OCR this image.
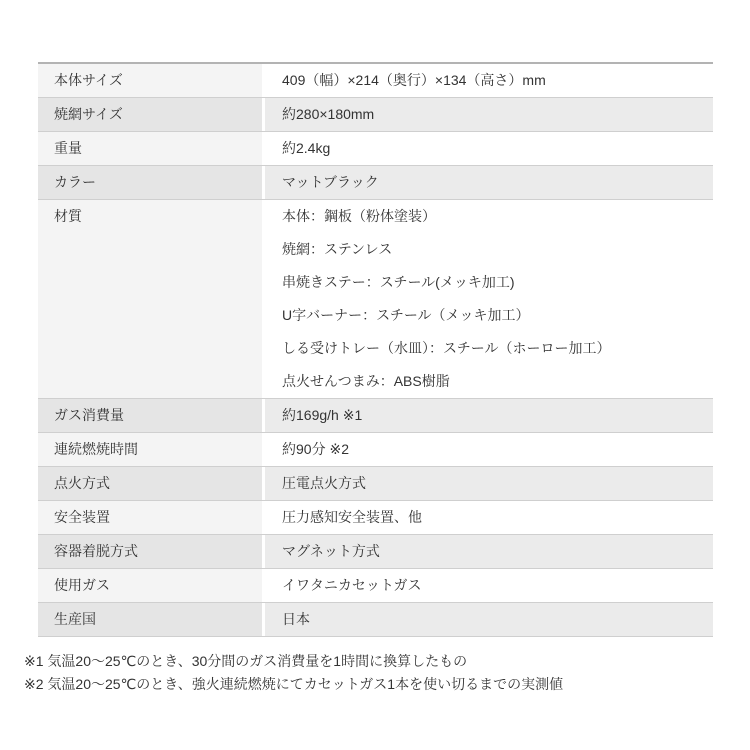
本体サイズ	409（幅）×214（奥行）×134（高さ）mm
焼網サイズ	約280×180mm
重量	約2.4kg
カラー	マットブラック
材質	本体：鋼板（粉体塗装）
焼網：ステンレス
串焼きステー：スチール(メッキ加工)
U字バーナー：スチール（メッキ加工）
しる受けトレー（水皿）：スチール（ホーロー加工）
点火せんつまみ：ABS樹脂
ガス消費量	約169g/h ※1
連続燃焼時間	約90分 ※2
点火方式	圧電点火方式
安全装置	圧力感知安全装置、他
容器着脱方式	マグネット方式
使用ガス	イワタニカセットガス
生産国	日本
※1 気温20～25℃のとき、30分間のガス消費量を1時間に換算したもの
※2 気温20～25℃のとき、強火連続燃焼にてカセットガス1本を使い切るまでの実測値
